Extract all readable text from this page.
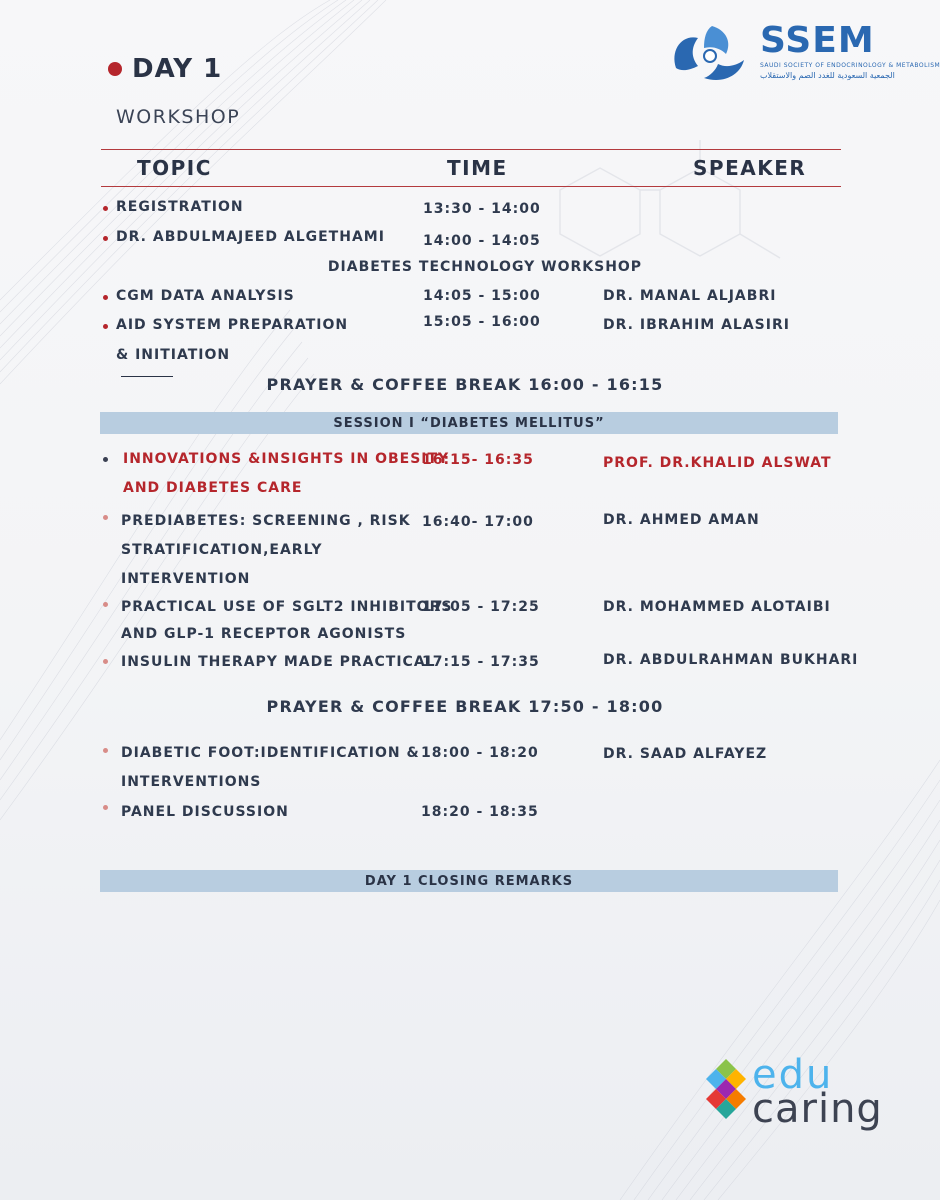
SSEM
SAUDI SOCIETY OF ENDOCRINOLOGY & METABOLISM
الجمعية السعودية للغدد الصم والاستقلاب
DAY 1
WORKSHOP
TOPIC	TIME	SPEAKER
REGISTRATION	13:30 - 14:00
DR. ABDULMAJEED ALGETHAMI	14:00 - 14:05
DIABETES TECHNOLOGY WORKSHOP
CGM DATA ANALYSIS	14:05 - 15:00	DR. MANAL ALJABRI
AID SYSTEM PREPARATION
& INITIATION
15:05 - 16:00	DR. IBRAHIM ALASIRI
PRAYER & COFFEE BREAK 16:00 - 16:15
SESSION I “DIABETES MELLITUS”
INNOVATIONS &INSIGHTS IN OBESITY
AND DIABETES CARE
16:15- 16:35	PROF. DR.KHALID ALSWAT
PREDIABETES: SCREENING , RISK
STRATIFICATION,EARLY
INTERVENTION
16:40- 17:00	DR. AHMED AMAN
PRACTICAL USE OF SGLT2 INHIBITORS
AND GLP-1 RECEPTOR AGONISTS
17:05 - 17:25	DR. MOHAMMED ALOTAIBI
INSULIN THERAPY MADE PRACTICAL
17:15 - 17:35	DR. ABDULRAHMAN BUKHARI
PRAYER & COFFEE BREAK 17:50 - 18:00
DIABETIC FOOT:IDENTIFICATION &
INTERVENTIONS
18:00 - 18:20	DR. SAAD ALFAYEZ
PANEL DISCUSSION	18:20 - 18:35
DAY 1 CLOSING REMARKS
edu
caring
